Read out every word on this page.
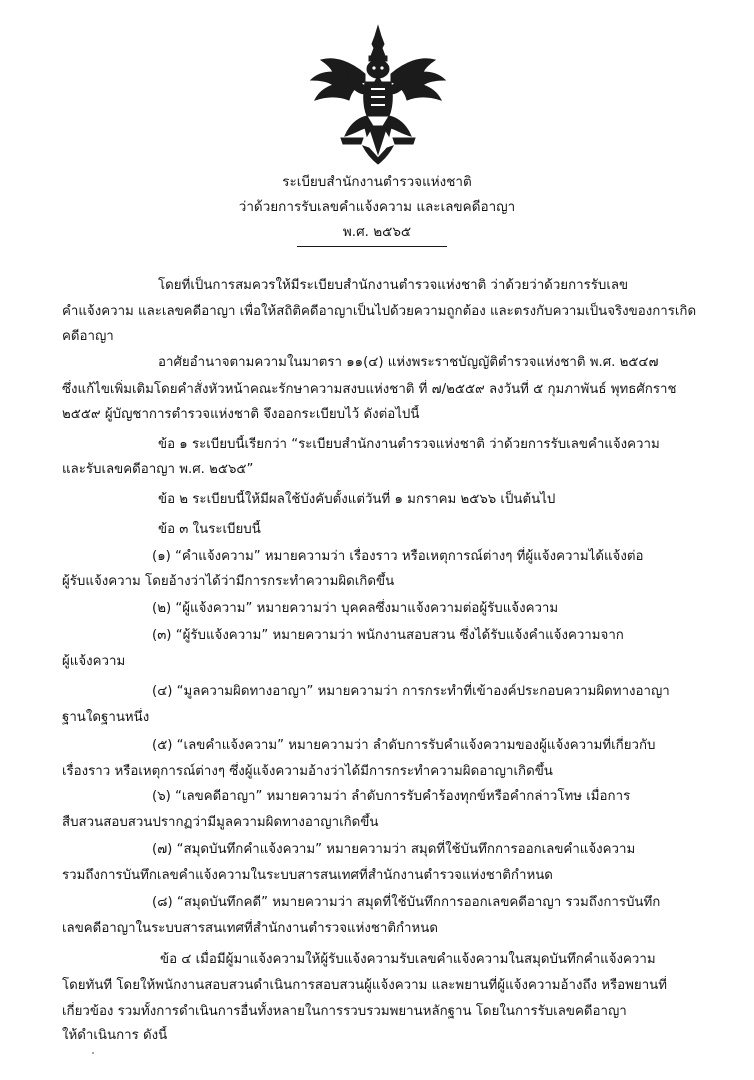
ระเบียบสำนักงานตำรวจแห่งชาติ
ว่าด้วยการรับเลขคำแจ้งความ และเลขคดีอาญา
พ.ศ. ๒๕๖๕
โดยที่เป็นการสมควรให้มีระเบียบสำนักงานตำรวจแห่งชาติ ว่าด้วยว่าด้วยการรับเลข
คำแจ้งความ และเลขคดีอาญา เพื่อให้สถิติคดีอาญาเป็นไปด้วยความถูกต้อง และตรงกับความเป็นจริงของการเกิด
คดีอาญา
อาศัยอำนาจตามความในมาตรา ๑๑(๔) แห่งพระราชบัญญัติตำรวจแห่งชาติ พ.ศ. ๒๕๔๗
ซึ่งแก้ไขเพิ่มเติมโดยคำสั่งหัวหน้าคณะรักษาความสงบแห่งชาติ ที่ ๗/๒๕๕๙ ลงวันที่ ๕ กุมภาพันธ์ พุทธศักราช
๒๕๕๙ ผู้บัญชาการตำรวจแห่งชาติ จึงออกระเบียบไว้ ดังต่อไปนี้
ข้อ ๑ ระเบียบนี้เรียกว่า “ระเบียบสำนักงานตำรวจแห่งชาติ ว่าด้วยการรับเลขคำแจ้งความ
และรับเลขคดีอาญา พ.ศ. ๒๕๖๕”
ข้อ ๒ ระเบียบนี้ให้มีผลใช้บังคับตั้งแต่วันที่ ๑ มกราคม ๒๕๖๖ เป็นต้นไป
ข้อ ๓ ในระเบียบนี้
(๑) “คำแจ้งความ” หมายความว่า เรื่องราว หรือเหตุการณ์ต่างๆ ที่ผู้แจ้งความได้แจ้งต่อ
ผู้รับแจ้งความ โดยอ้างว่าได้ว่ามีการกระทำความผิดเกิดขึ้น
(๒) “ผู้แจ้งความ” หมายความว่า บุคคลซึ่งมาแจ้งความต่อผู้รับแจ้งความ
(๓) “ผู้รับแจ้งความ” หมายความว่า พนักงานสอบสวน ซึ่งได้รับแจ้งคำแจ้งความจาก
ผู้แจ้งความ
(๔) “มูลความผิดทางอาญา” หมายความว่า การกระทำที่เข้าองค์ประกอบความผิดทางอาญา
ฐานใดฐานหนึ่ง
(๕) “เลขคำแจ้งความ” หมายความว่า ลำดับการรับคำแจ้งความของผู้แจ้งความที่เกี่ยวกับ
เรื่องราว หรือเหตุการณ์ต่างๆ ซึ่งผู้แจ้งความอ้างว่าได้มีการกระทำความผิดอาญาเกิดขึ้น
(๖) “เลขคดีอาญา” หมายความว่า ลำดับการรับคำร้องทุกข์หรือคำกล่าวโทษ เมื่อการ
สืบสวนสอบสวนปรากฏว่ามีมูลความผิดทางอาญาเกิดขึ้น
(๗) “สมุดบันทึกคำแจ้งความ” หมายความว่า สมุดที่ใช้บันทึกการออกเลขคำแจ้งความ
รวมถึงการบันทึกเลขคำแจ้งความในระบบสารสนเทศที่สำนักงานตำรวจแห่งชาติกำหนด
(๘) “สมุดบันทึกคดี” หมายความว่า สมุดที่ใช้บันทึกการออกเลขคดีอาญา รวมถึงการบันทึก
เลขคดีอาญาในระบบสารสนเทศที่สำนักงานตำรวจแห่งชาติกำหนด
ข้อ ๔ เมื่อมีผู้มาแจ้งความให้ผู้รับแจ้งความรับเลขคำแจ้งความในสมุดบันทึกคำแจ้งความ
โดยทันที โดยให้พนักงานสอบสวนดำเนินการสอบสวนผู้แจ้งความ และพยานที่ผู้แจ้งความอ้างถึง หรือพยานที่
เกี่ยวข้อง รวมทั้งการดำเนินการอื่นทั้งหลายในการรวบรวมพยานหลักฐาน โดยในการรับเลขคดีอาญา
ให้ดำเนินการ ดังนี้
